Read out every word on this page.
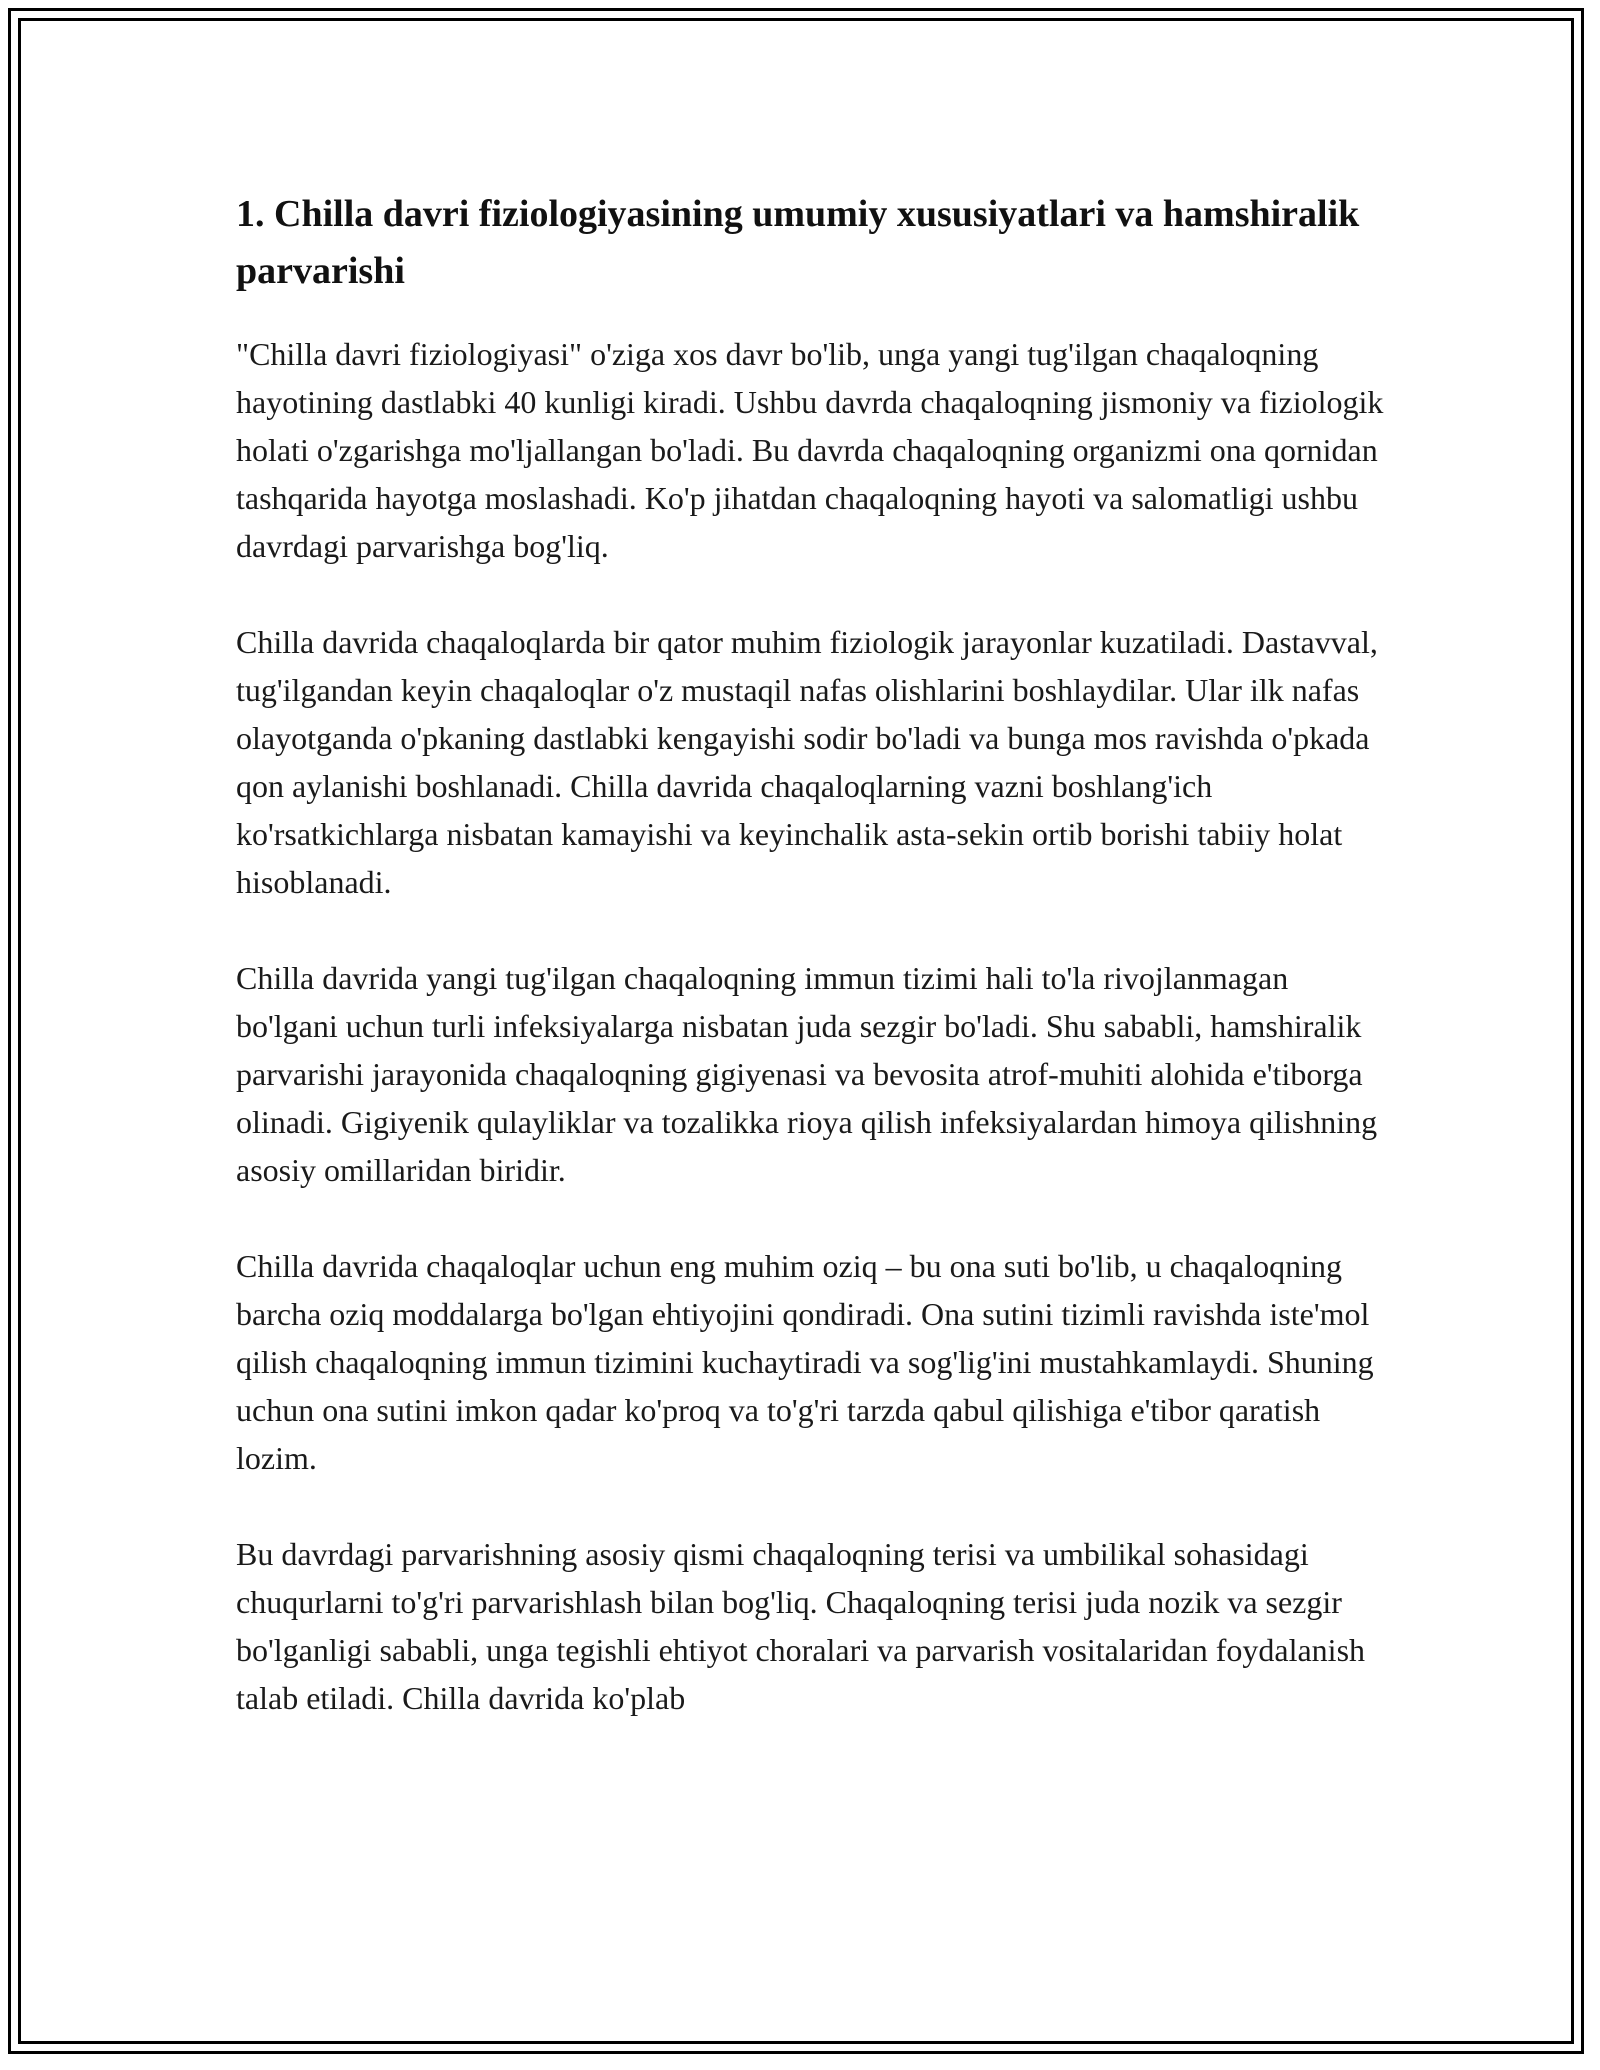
1. Chilla davri fiziologiyasining umumiy xususiyatlari va hamshiralik parvarishi

"Chilla davri fiziologiyasi" o'ziga xos davr bo'lib, unga yangi tug'ilgan chaqaloqning hayotining dastlabki 40 kunligi kiradi. Ushbu davrda chaqaloqning jismoniy va fiziologik holati o'zgarishga mo'ljallangan bo'ladi. Bu davrda chaqaloqning organizmi ona qornidan tashqarida hayotga moslashadi. Ko'p jihatdan chaqaloqning hayoti va salomatligi ushbu davrdagi parvarishga bog'liq.

Chilla davrida chaqaloqlarda bir qator muhim fiziologik jarayonlar kuzatiladi. Dastavval, tug'ilgandan keyin chaqaloqlar o'z mustaqil nafas olishlarini boshlaydilar. Ular ilk nafas olayotganda o'pkaning dastlabki kengayishi sodir bo'ladi va bunga mos ravishda o'pkada qon aylanishi boshlanadi. Chilla davrida chaqaloqlarning vazni boshlang'ich ko'rsatkichlarga nisbatan kamayishi va keyinchalik asta-sekin ortib borishi tabiiy holat hisoblanadi.

Chilla davrida yangi tug'ilgan chaqaloqning immun tizimi hali to'la rivojlanmagan bo'lgani uchun turli infeksiyalarga nisbatan juda sezgir bo'ladi. Shu sababli, hamshiralik parvarishi jarayonida chaqaloqning gigiyenasi va bevosita atrof-muhiti alohida e'tiborga olinadi. Gigiyenik qulayliklar va tozalikka rioya qilish infeksiyalardan himoya qilishning asosiy omillaridan biridir.

Chilla davrida chaqaloqlar uchun eng muhim oziq – bu ona suti bo'lib, u chaqaloqning barcha oziq moddalarga bo'lgan ehtiyojini qondiradi. Ona sutini tizimli ravishda iste'mol qilish chaqaloqning immun tizimini kuchaytiradi va sog'lig'ini mustahkamlaydi. Shuning uchun ona sutini imkon qadar ko'proq va to'g'ri tarzda qabul qilishiga e'tibor qaratish lozim.

Bu davrdagi parvarishning asosiy qismi chaqaloqning terisi va umbilikal sohasidagi chuqurlarni to'g'ri parvarishlash bilan bog'liq. Chaqaloqning terisi juda nozik va sezgir bo'lganligi sababli, unga tegishli ehtiyot choralari va parvarish vositalaridan foydalanish talab etiladi. Chilla davrida ko'plab
